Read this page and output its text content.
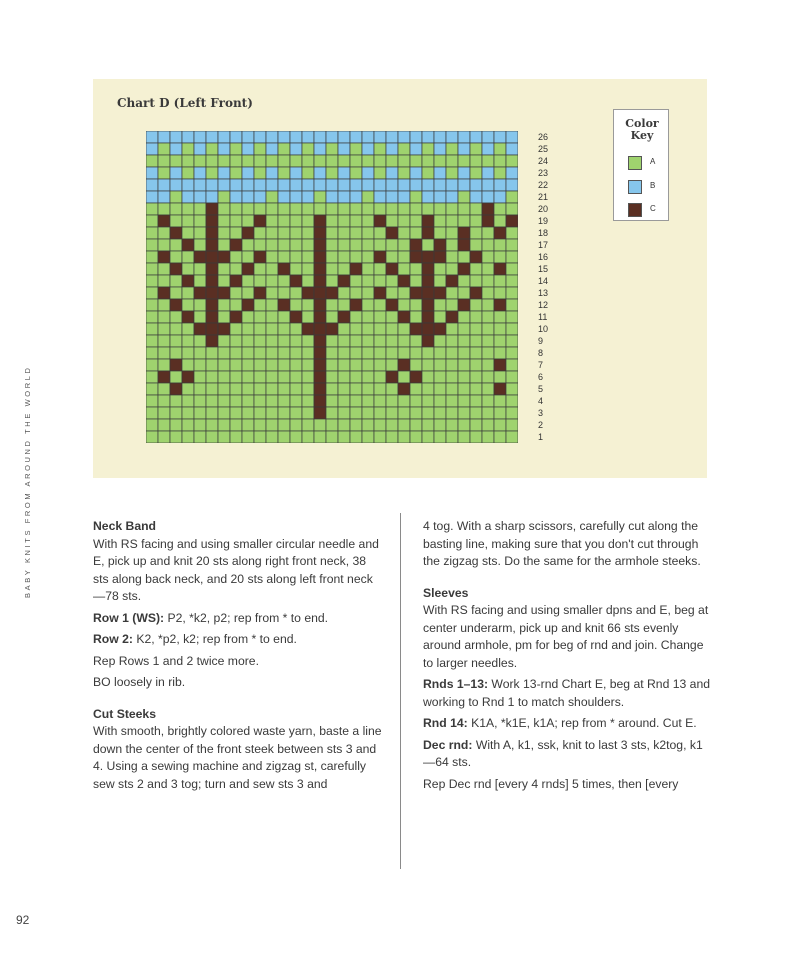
Chart D (Left Front)
26
25
24
23
22
21
20
19
18
17
16
15
14
13
12
11
10
9
8
7
6
5
4
3
2
1
Color
Key
A
B
C
BABY KNITS FROM AROUND THE WORLD	Neck Band

With RS facing and using smaller circular needle and E, pick up and knit 20 sts along right front neck, 38 sts along back neck, and 20 sts along left front neck—78 sts.

Row 1 (WS): P2, *k2, p2; rep from * to end.

Row 2: K2, *p2, k2; rep from * to end.

Rep Rows 1 and 2 twice more.

BO loosely in rib.

Cut Steeks

With smooth, brightly colored waste yarn, baste a line down the center of the front steek between sts 3 and 4. Using a sewing machine and zigzag st, carefully sew sts 2 and 3 tog; turn and sew sts 3 and

4 tog. With a sharp scissors, carefully cut along the basting line, making sure that you don't cut through the zigzag sts. Do the same for the armhole steeks.

Sleeves

With RS facing and using smaller dpns and E, beg at center underarm, pick up and knit 66 sts evenly around armhole, pm for beg of rnd and join. Change to larger needles.

Rnds 1–13: Work 13-rnd Chart E, beg at Rnd 13 and working to Rnd 1 to match shoulders.

Rnd 14: K1A, *k1E, k1A; rep from * around. Cut E.

Dec rnd: With A, k1, ssk, knit to last 3 sts, k2tog, k1—64 sts.

Rep Dec rnd [every 4 rnds] 5 times, then [every

92
